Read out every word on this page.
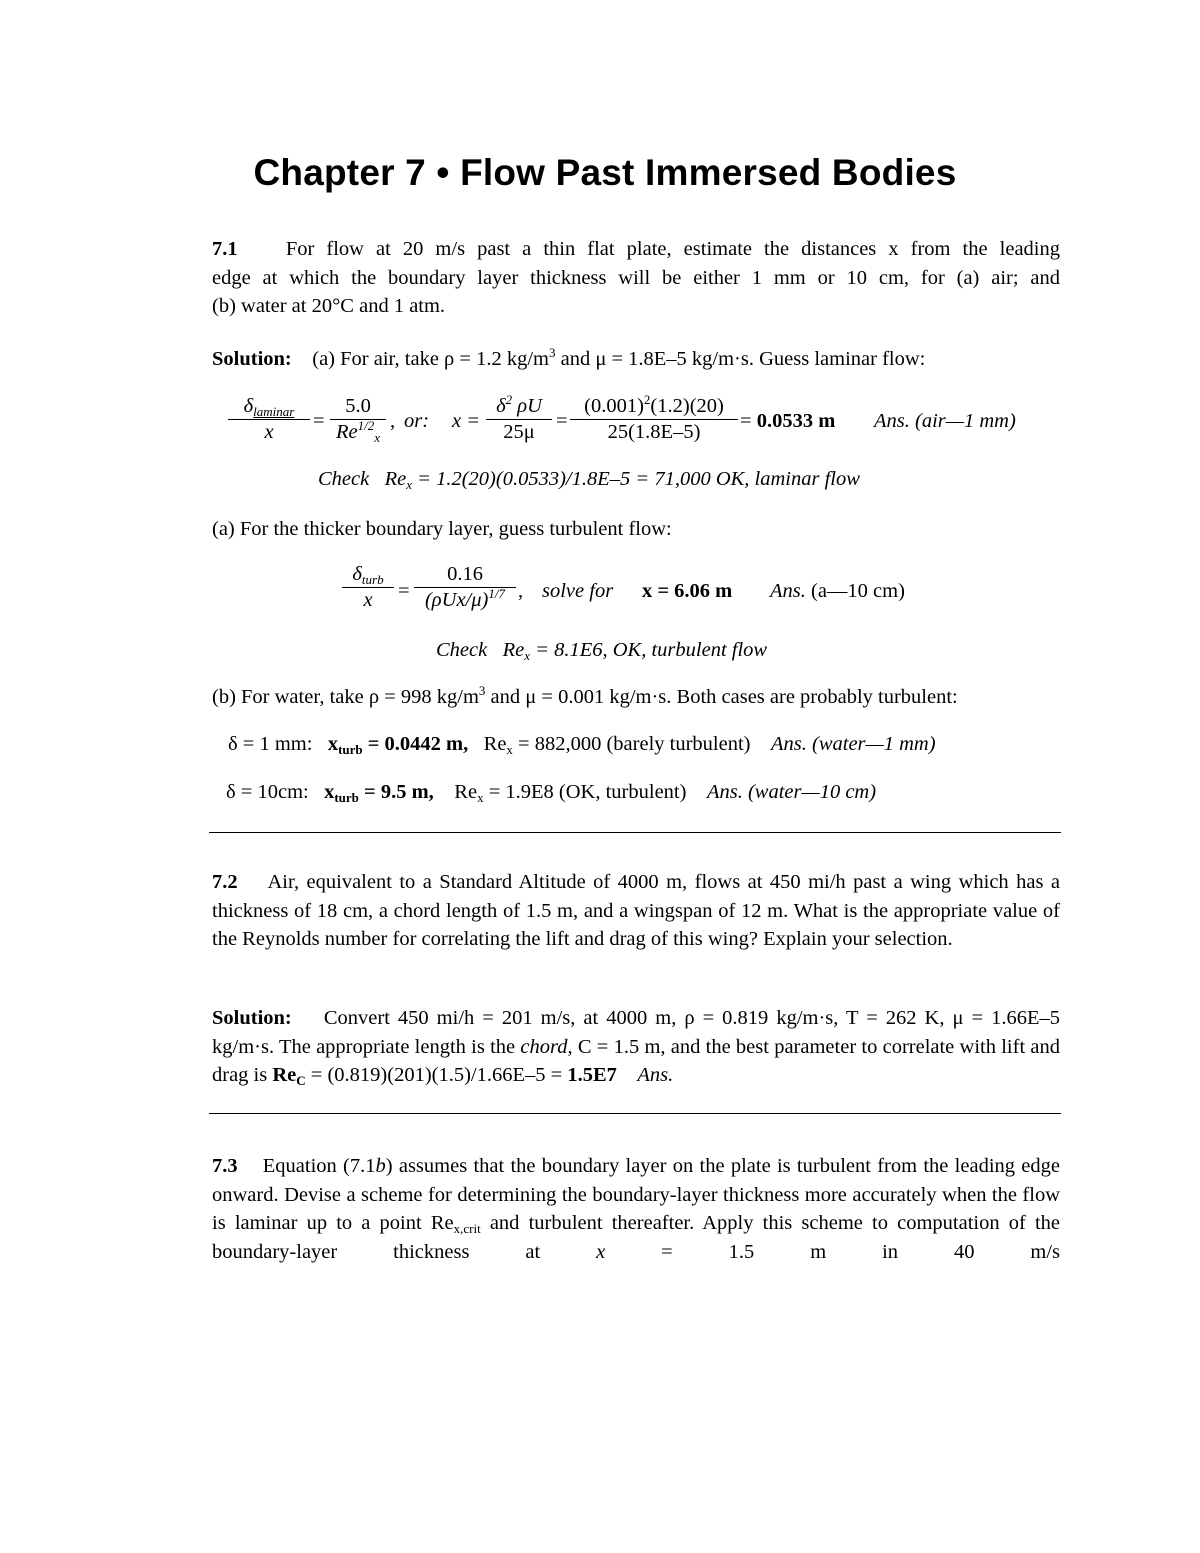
Chapter 7 • Flow Past Immersed Bodies
7.1 For flow at 20 m/s past a thin flat plate, estimate the distances x from the leading
edge at which the boundary layer thickness will be either 1 mm or 10 cm, for (a) air; and
(b) water at 20°C and 1 atm.
Solution: (a) For air, take ρ = 1.2 $kg/m^3$ and μ = 1.8E–5 kg/m·s. Guess laminar flow:
$\delta_{laminar}$
x	=
5.0
$Re^{1/2}_x$
, or: x =
$\delta^2$ ρU
25μ	=
$(0.001)^2(1.2)(20)$
25(1.8E–5)	= 0.0533 m Ans. (air—1 mm)
Check $Re_x = 1.2(20)(0.0533)/1.8E-5 = 71,000$ OK, laminar flow
(a) For the thicker boundary layer, guess turbulent flow:
$\delta_{turb}$
x	=
0.16
$(\rho Ux/\mu)^{1/7}$ , solve for x = 6.06 m Ans. (a—10 cm)
Check $Re_x = 8.1E6$, OK, turbulent flow
(b) For water, take ρ = 998 $kg/m^3$ and μ = 0.001 kg/m·s. Both cases are probably turbulent:
δ = 1 mm: $x_{turb} = 0.0442$ m, $Re_x = 882,000$ (barely turbulent) Ans. (water—1 mm)
δ = 10cm: $x_{turb} = 9.5$ m, $Re_x = 1.9E8$ (OK, turbulent) Ans. (water—10 cm)
7.2 Air, equivalent to a Standard Altitude of 4000 m, flows at 450 mi/h past a wing which has a thickness of 18 cm, a chord length of 1.5 m, and a wingspan of 12 m. What is the appropriate value of the Reynolds number for correlating the lift and drag of this wing? Explain your selection.
Solution: Convert 450 mi/h = 201 m/s, at 4000 m, ρ = 0.819 kg/m·s, T = 262 K, μ = 1.66E–5 kg/m·s. The appropriate length is the chord, C = 1.5 m, and the best parameter to correlate with lift and drag is $Re_C = (0.819)(201)(1.5)/1.66E-5 = 1.5E7$ Ans.
7.3 Equation (7.1b) assumes that the boundary layer on the plate is turbulent from the leading edge onward. Devise a scheme for determining the boundary-layer thickness more accurately when the flow is laminar up to a point $Re_{x,crit}$ and turbulent thereafter. Apply this scheme to computation of the boundary-layer thickness at x = 1.5 m in 40 m/s
